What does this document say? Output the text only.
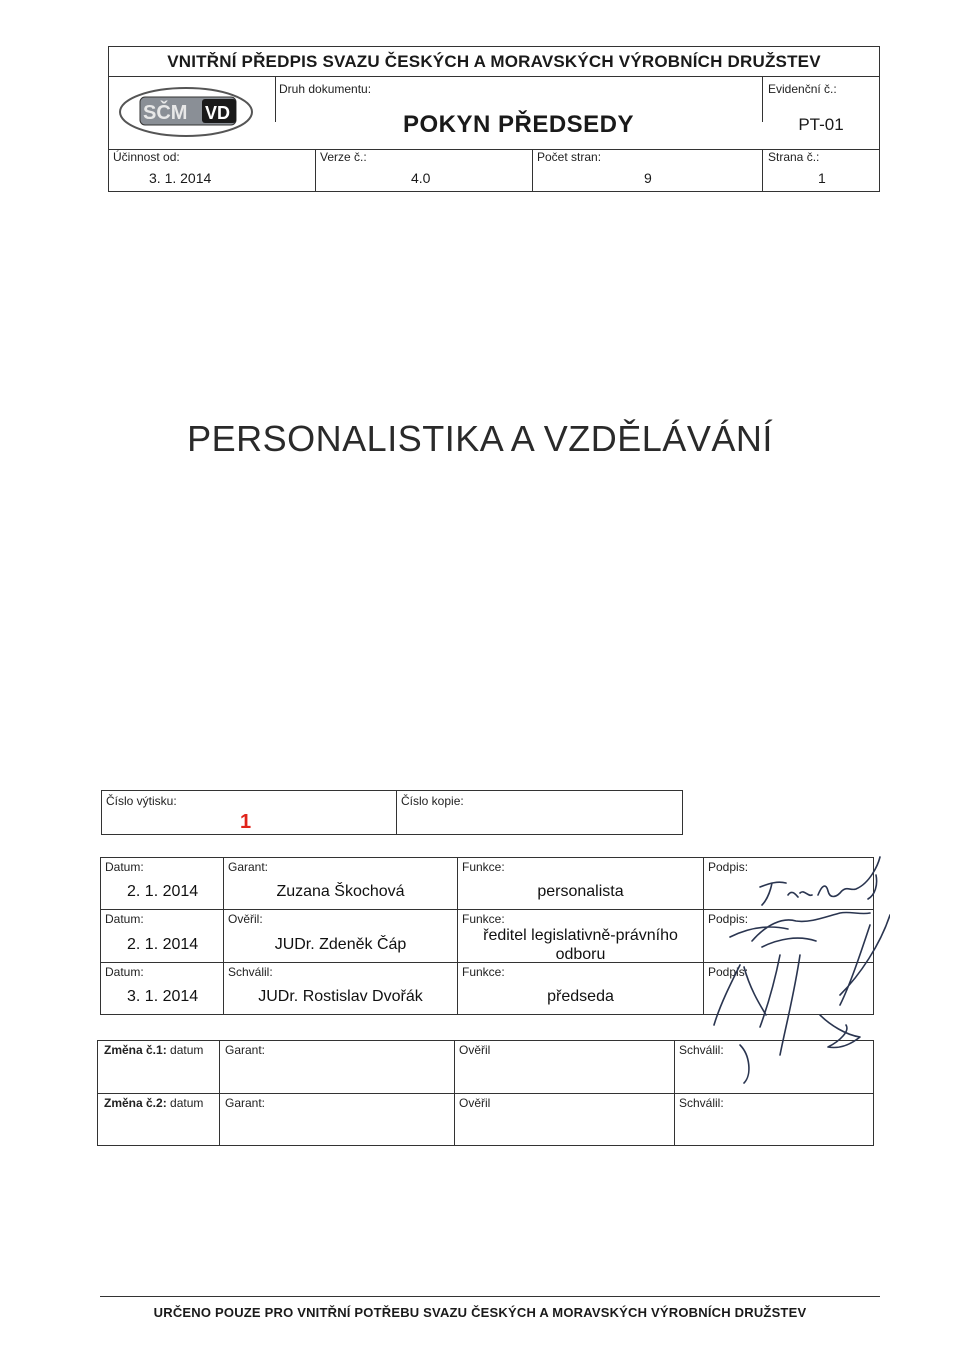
VNITŘNÍ PŘEDPIS SVAZU ČESKÝCH A MORAVSKÝCH VÝROBNÍCH DRUŽSTEV
Druh dokumentu:
POKYN PŘEDSEDY
Evidenční č.:
PT-01
Účinnost od:
3. 1. 2014
Verze č.:
4.0
Počet stran:
9
Strana č.:
1
SČM VD
PERSONALISTIKA A VZDĚLÁVÁNÍ
Číslo výtisku:
1
Číslo kopie:
Datum:
2. 1. 2014
Garant:
Zuzana Škochová
Funkce:
personalista
Podpis:
Datum:
2. 1. 2014
Ověřil:
JUDr. Zdeněk Čáp
Funkce:
ředitel legislativně-právního
odboru
Podpis:
Datum:
3. 1. 2014
Schválil:
JUDr. Rostislav Dvořák
Funkce:
předseda
Podpis:
Změna č.1: datum Garant:	Ověřil	Schválil:
Změna č.2: datum Garant:	Ověřil	Schválil:
URČENO POUZE PRO VNITŘNÍ POTŘEBU SVAZU ČESKÝCH A MORAVSKÝCH VÝROBNÍCH DRUŽSTEV
